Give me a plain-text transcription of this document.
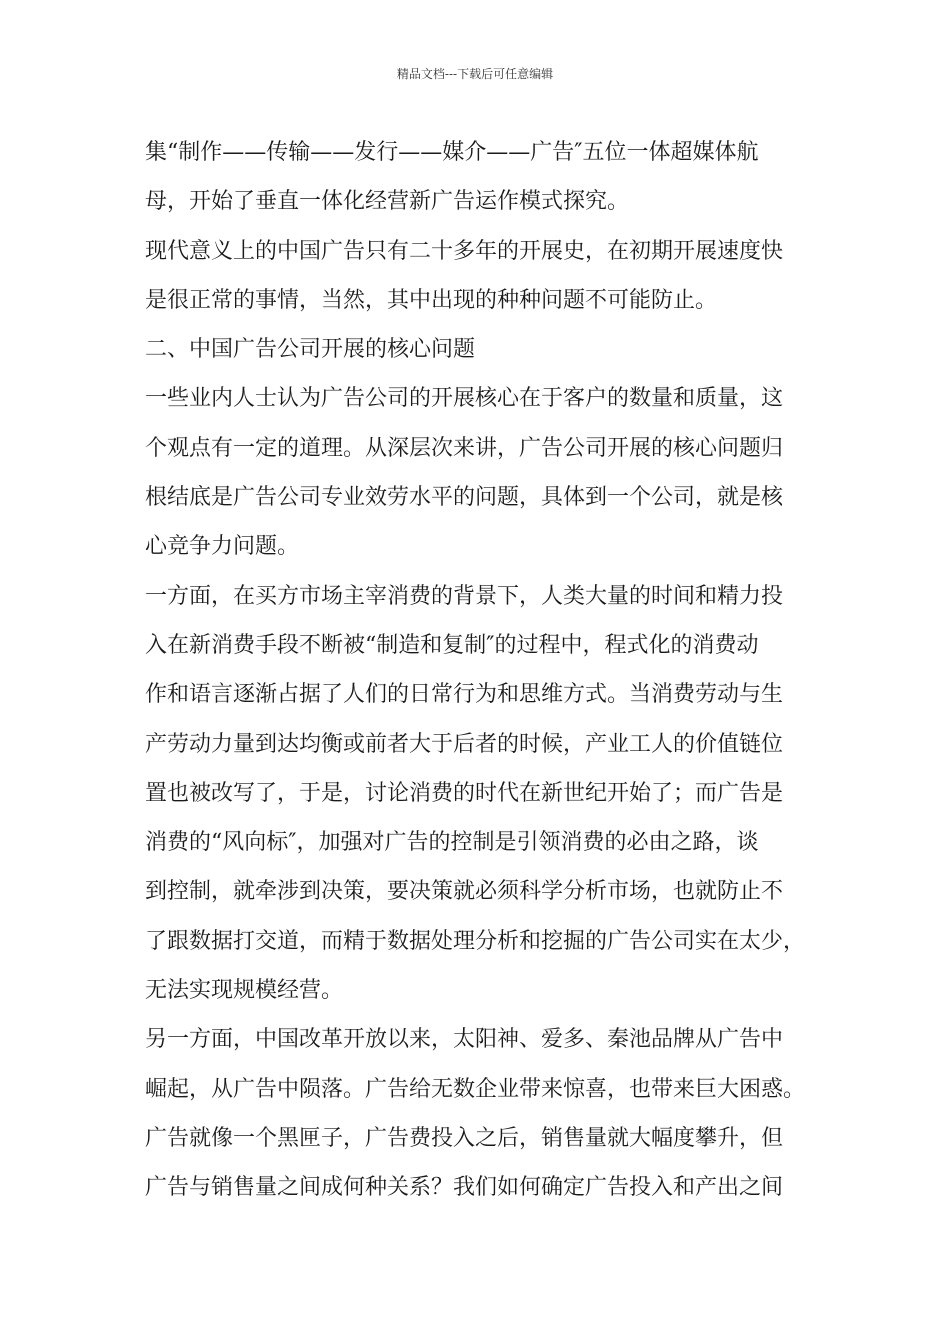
精品文档---下载后可任意编辑
集“制作——传输——发行——媒介——广告″五位一体超媒体航
母，开始了垂直一体化经营新广告运作模式探究。
现代意义上的中国广告只有二十多年的开展史，在初期开展速度快
是很正常的事情，当然，其中出现的种种问题不可能防止。
二、中国广告公司开展的核心问题
一些业内人士认为广告公司的开展核心在于客户的数量和质量，这
个观点有一定的道理。从深层次来讲，广告公司开展的核心问题归
根结底是广告公司专业效劳水平的问题，具体到一个公司，就是核
心竞争力问题。
一方面，在买方市场主宰消费的背景下，人类大量的时间和精力投
入在新消费手段不断被“制造和复制″的过程中，程式化的消费动
作和语言逐渐占据了人们的日常行为和思维方式。当消费劳动与生
产劳动力量到达均衡或前者大于后者的时候，产业工人的价值链位
置也被改写了，于是，讨论消费的时代在新世纪开始了；而广告是
消费的“风向标″，加强对广告的控制是引领消费的必由之路，谈
到控制，就牵涉到决策，要决策就必须科学分析市场，也就防止不
了跟数据打交道，而精于数据处理分析和挖掘的广告公司实在太少，
无法实现规模经营。
另一方面，中国改革开放以来，太阳神、爱多、秦池品牌从广告中
崛起，从广告中陨落。广告给无数企业带来惊喜，也带来巨大困惑。
广告就像一个黑匣子，广告费投入之后，销售量就大幅度攀升，但
广告与销售量之间成何种关系？我们如何确定广告投入和产出之间
